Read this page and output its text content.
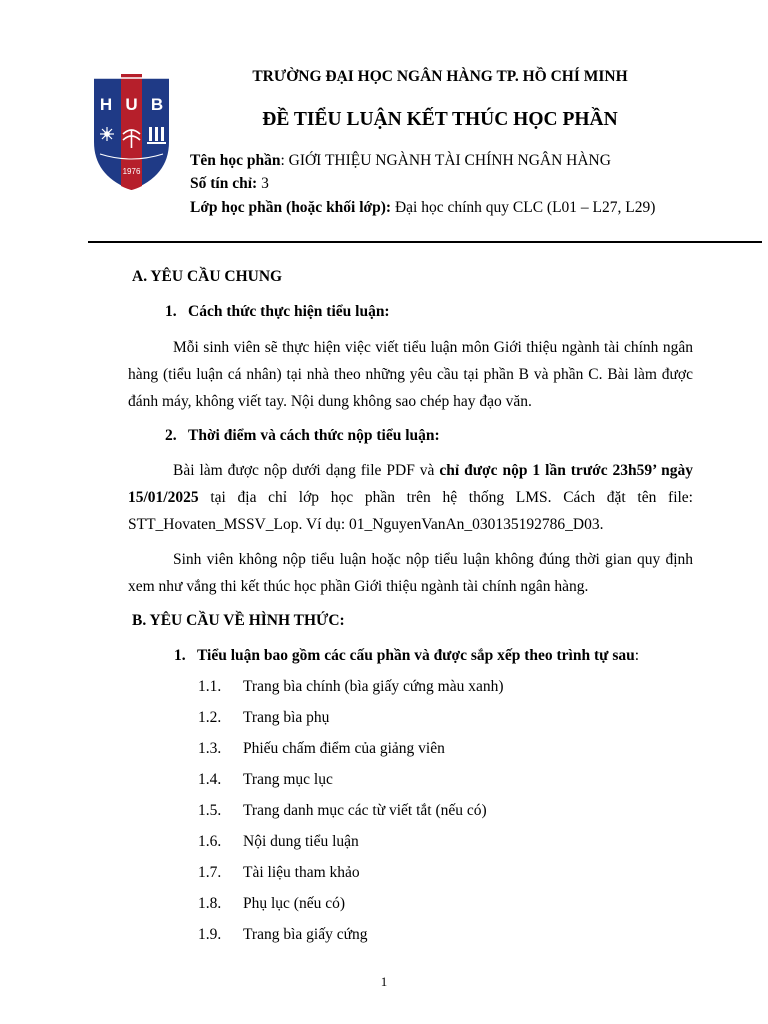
H U B
1976
TRƯỜNG ĐẠI HỌC NGÂN HÀNG TP. HỒ CHÍ MINH
ĐỀ TIỂU LUẬN KẾT THÚC HỌC PHẦN
Tên học phần: GIỚI THIỆU NGÀNH TÀI CHÍNH NGÂN HÀNG
Số tín chỉ: 3
Lớp học phần (hoặc khối lớp): Đại học chính quy CLC (L01 – L27, L29)
A. YÊU CẦU CHUNG
1. Cách thức thực hiện tiểu luận:
Mỗi sinh viên sẽ thực hiện việc viết tiểu luận môn Giới thiệu ngành tài chính ngân hàng (tiểu luận cá nhân) tại nhà theo những yêu cầu tại phần B và phần C. Bài làm được đánh máy, không viết tay. Nội dung không sao chép hay đạo văn.
2. Thời điểm và cách thức nộp tiểu luận:
Bài làm được nộp dưới dạng file PDF và chỉ được nộp 1 lần trước 23h59’ ngày 15/01/2025 tại địa chỉ lớp học phần trên hệ thống LMS. Cách đặt tên file: STT_Hovaten_MSSV_Lop. Ví dụ: 01_NguyenVanAn_030135192786_D03.
Sinh viên không nộp tiểu luận hoặc nộp tiểu luận không đúng thời gian quy định xem như vắng thi kết thúc học phần Giới thiệu ngành tài chính ngân hàng.
B. YÊU CẦU VỀ HÌNH THỨC:
1. Tiểu luận bao gồm các cấu phần và được sắp xếp theo trình tự sau:
1.1. Trang bìa chính (bìa giấy cứng màu xanh)
1.2. Trang bìa phụ
1.3. Phiếu chấm điểm của giảng viên
1.4. Trang mục lục
1.5. Trang danh mục các từ viết tắt (nếu có)
1.6. Nội dung tiểu luận
1.7. Tài liệu tham khảo
1.8. Phụ lục (nếu có)
1.9. Trang bìa giấy cứng
1
